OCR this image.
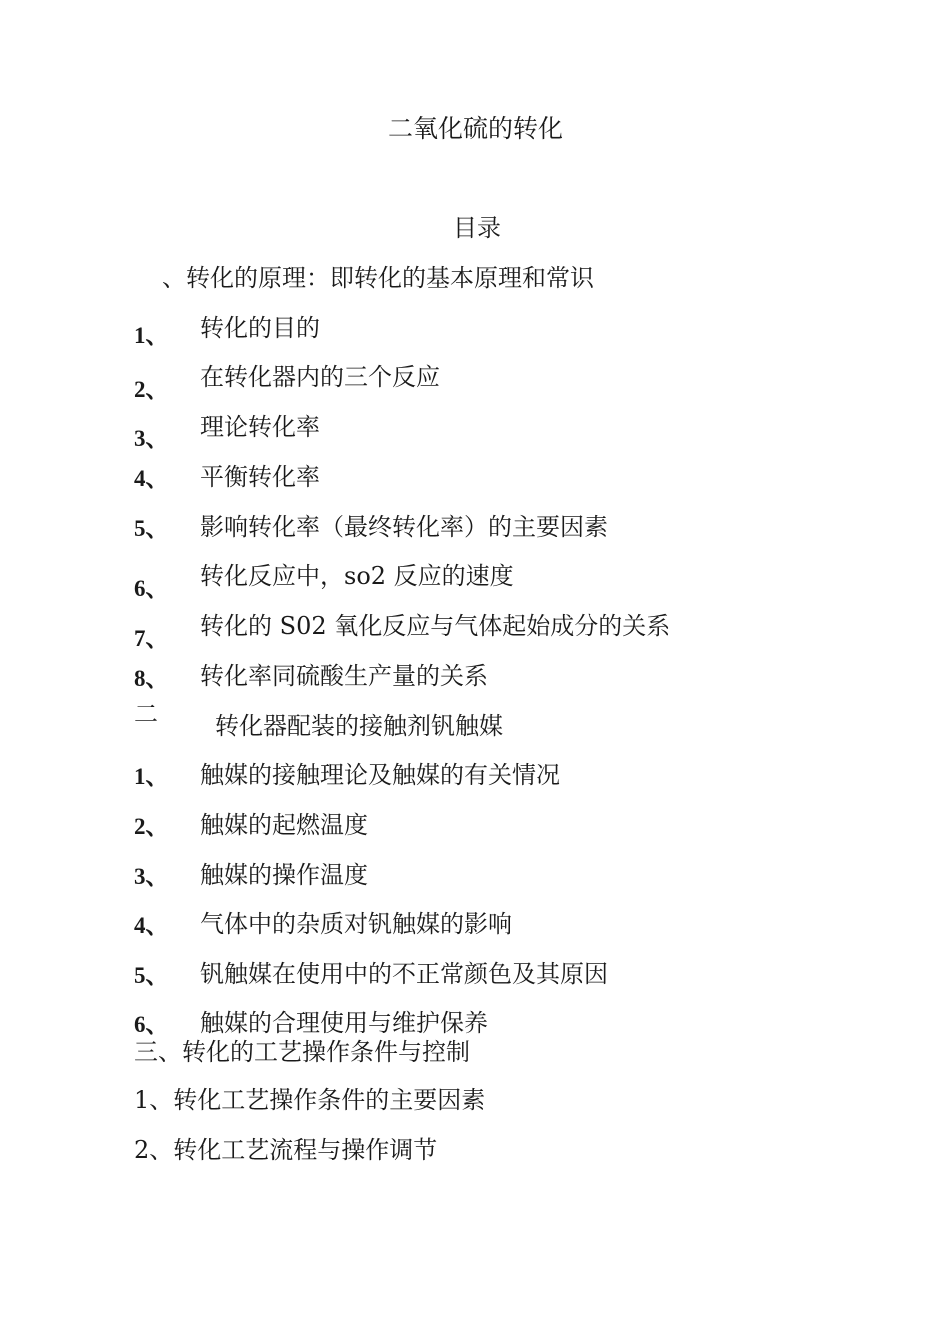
二氧化硫的转化
目录
、转化的原理：即转化的基本原理和常识
1、 转化的目的
2、 在转化器内的三个反应
3、 理论转化率
4、 平衡转化率
5、 影响转化率（最终转化率）的主要因素
6、 转化反应中，so2 反应的速度
7、 转化的 S02 氧化反应与气体起始成分的关系
8、 转化率同硫酸生产量的关系
二 转化器配装的接触剂钒触媒
1、 触媒的接触理论及触媒的有关情况
2、 触媒的起燃温度
3、 触媒的操作温度
4、 气体中的杂质对钒触媒的影响
5、 钒触媒在使用中的不正常颜色及其原因
6、 触媒的合理使用与维护保养
三、转化的工艺操作条件与控制
1、转化工艺操作条件的主要因素
2、转化工艺流程与操作调节
